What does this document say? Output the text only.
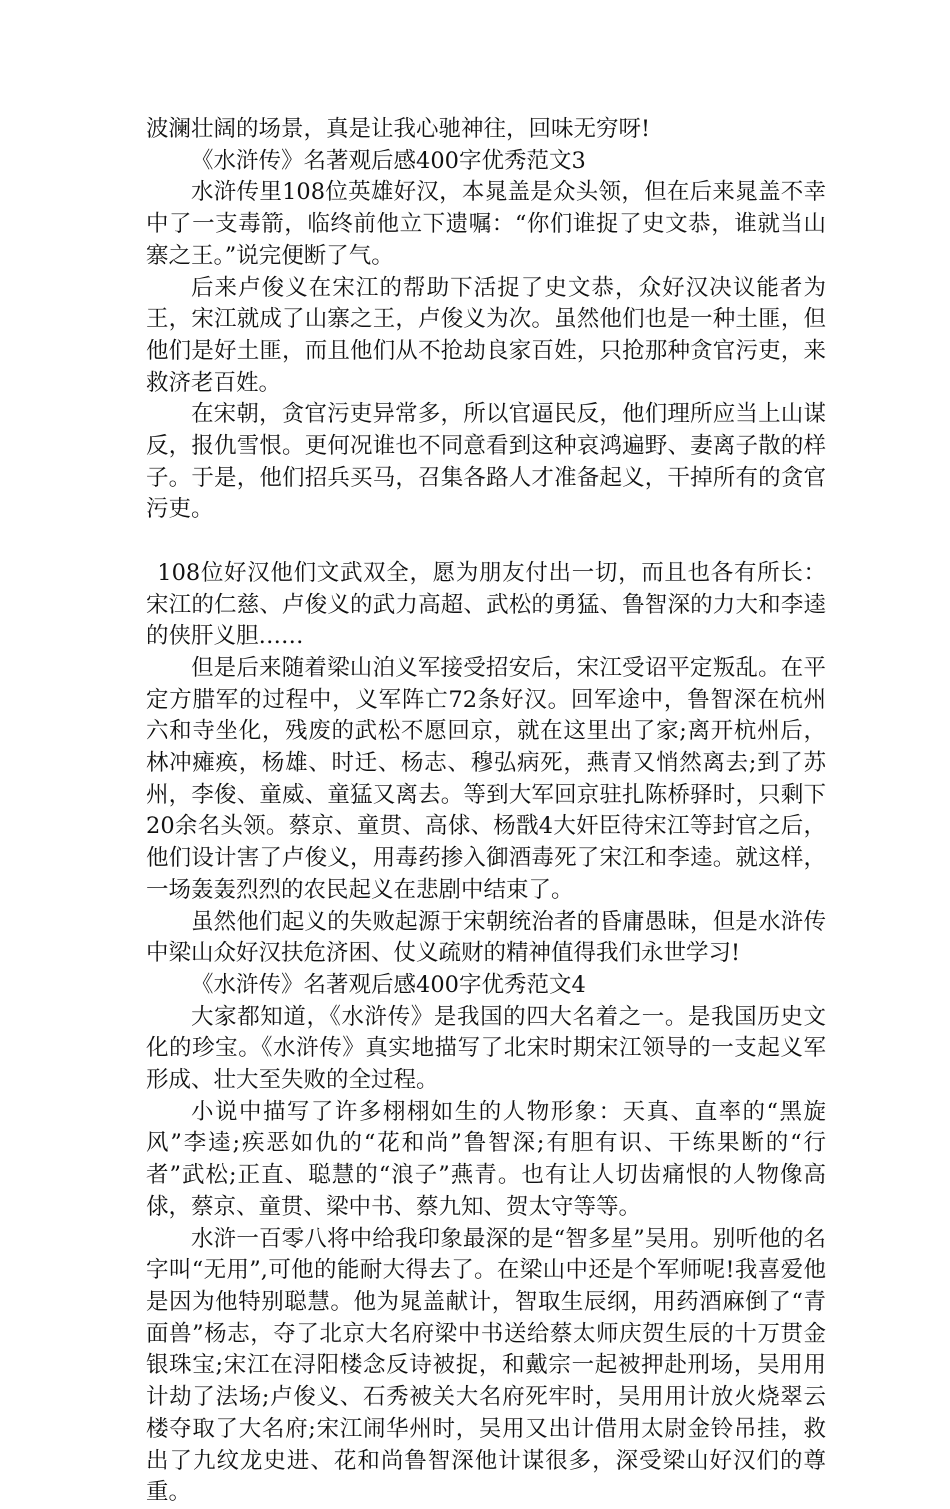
波澜壮阔的场景，真是让我心驰神往，回味无穷呀!

《水浒传》名著观后感400字优秀范文3

水浒传里108位英雄好汉，本晁盖是众头领，但在后来晁盖不幸中了一支毒箭，临终前他立下遗嘱：“你们谁捉了史文恭，谁就当山寨之王。”说完便断了气。

后来卢俊义在宋江的帮助下活捉了史文恭，众好汉决议能者为王，宋江就成了山寨之王，卢俊义为次。虽然他们也是一种土匪，但他们是好土匪，而且他们从不抢劫良家百姓，只抢那种贪官污吏，来救济老百姓。

在宋朝，贪官污吏异常多，所以官逼民反，他们理所应当上山谋反，报仇雪恨。更何况谁也不同意看到这种哀鸿遍野、妻离子散的样子。于是，他们招兵买马，召集各路人才准备起义，干掉所有的贪官污吏。

108位好汉他们文武双全，愿为朋友付出一切，而且也各有所长：宋江的仁慈、卢俊义的武力高超、武松的勇猛、鲁智深的力大和李逵的侠肝义胆……

但是后来随着梁山泊义军接受招安后，宋江受诏平定叛乱。在平定方腊军的过程中，义军阵亡72条好汉。回军途中，鲁智深在杭州六和寺坐化，残废的武松不愿回京，就在这里出了家;离开杭州后，林冲瘫痪，杨雄、时迁、杨志、穆弘病死，燕青又悄然离去;到了苏州，李俊、童威、童猛又离去。等到大军回京驻扎陈桥驿时，只剩下20余名头领。蔡京、童贯、高俅、杨戬4大奸臣待宋江等封官之后，他们设计害了卢俊义，用毒药掺入御酒毒死了宋江和李逵。就这样，一场轰轰烈烈的农民起义在悲剧中结束了。

虽然他们起义的失败起源于宋朝统治者的昏庸愚昧，但是水浒传中梁山众好汉扶危济困、仗义疏财的精神值得我们永世学习!

《水浒传》名著观后感400字优秀范文4

大家都知道，《水浒传》是我国的四大名着之一。是我国历史文化的珍宝。《水浒传》真实地描写了北宋时期宋江领导的一支起义军形成、壮大至失败的全过程。

小说中描写了许多栩栩如生的人物形象：天真、直率的“黑旋风”李逵;疾恶如仇的“花和尚”鲁智深;有胆有识、干练果断的“行者”武松;正直、聪慧的“浪子”燕青。也有让人切齿痛恨的人物像高俅，蔡京、童贯、梁中书、蔡九知、贺太守等等。

水浒一百零八将中给我印象最深的是“智多星”吴用。别听他的名字叫“无用”,可他的能耐大得去了。在梁山中还是个军师呢!我喜爱他是因为他特别聪慧。他为晁盖献计，智取生辰纲，用药酒麻倒了“青面兽”杨志，夺了北京大名府梁中书送给蔡太师庆贺生辰的十万贯金银珠宝;宋江在浔阳楼念反诗被捉，和戴宗一起被押赴刑场，吴用用计劫了法场;卢俊义、石秀被关大名府死牢时，吴用用计放火烧翠云楼夺取了大名府;宋江闹华州时，吴用又出计借用太尉金铃吊挂，救出了九纹龙史进、花和尚鲁智深他计谋很多，深受梁山好汉们的尊重。
